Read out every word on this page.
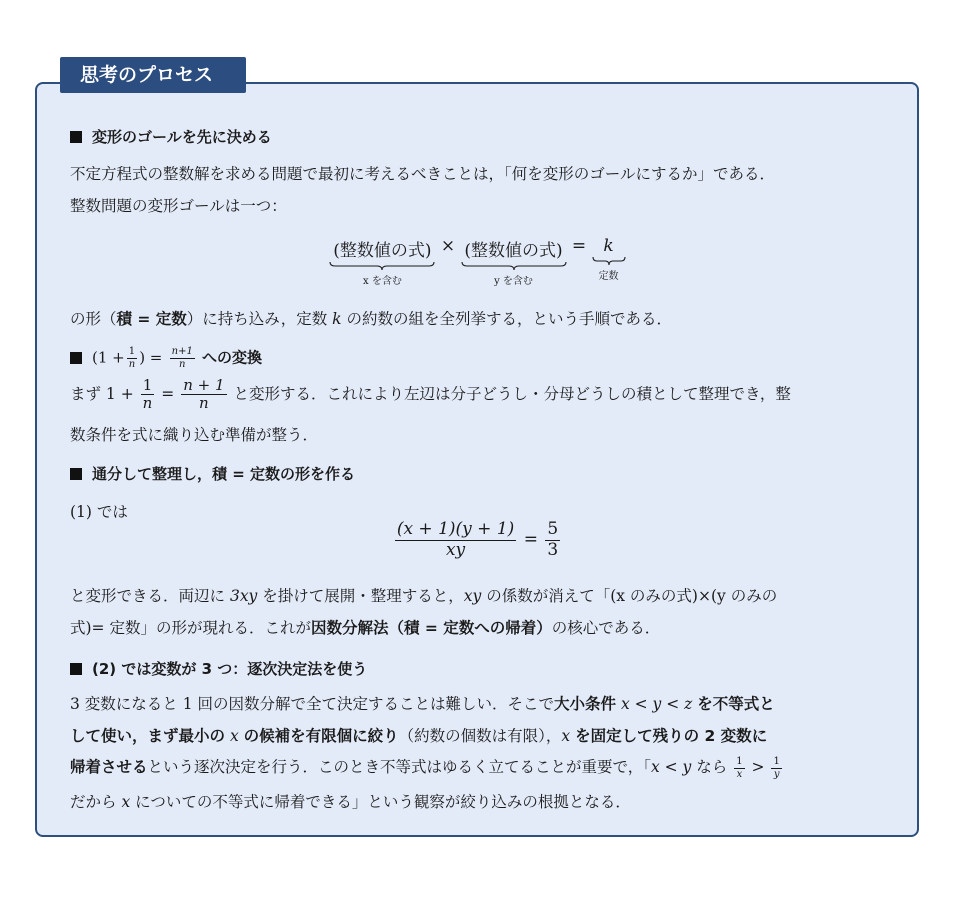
思考のプロセス
変形のゴールを先に決める
不定方程式の整数解を求める問題で最初に考えるべきことは，「何を変形のゴールにするか」である．
整数問題の変形ゴールは一つ：
(整数値の式)
x を含む
× (整数値の式)
y を含む
=	k
定数
の形（積 = 定数）に持ち込み，定数 k の約数の組を全列挙する，という手順である．
($1 + \frac{1}{n}$ ) = $\frac{n+1}{n}$ への変換
まず $1 + \frac{1}{n} = \frac{n + 1}{n}$ と変形する．これにより左辺は分子どうし・分母どうしの積として整理でき，整
数条件を式に織り込む準備が整う．
通分して整理し，積 = 定数の形を作る
(1) では
$\frac{(x + 1)(y + 1)}{xy} = \frac{5}{3}$
と変形できる．両辺に 3xy を掛けて展開・整理すると，xy の係数が消えて「(x のみの式)×(y のみの
式)= 定数」の形が現れる．これが因数分解法（積 = 定数への帰着）の核心である．
(2) では変数が 3 つ：逐次決定法を使う
3 変数になると 1 回の因数分解で全て決定することは難しい．そこで大小条件 x < y < z を不等式と
して使い，まず最小の x の候補を有限個に絞り（約数の個数は有限），x を固定して残りの 2 変数に
帰着させるという逐次決定を行う．このとき不等式はゆるく立てることが重要で，「x < y なら $\frac{1}{x} > \frac{1}{y}$
だから x についての不等式に帰着できる」という観察が絞り込みの根拠となる．
